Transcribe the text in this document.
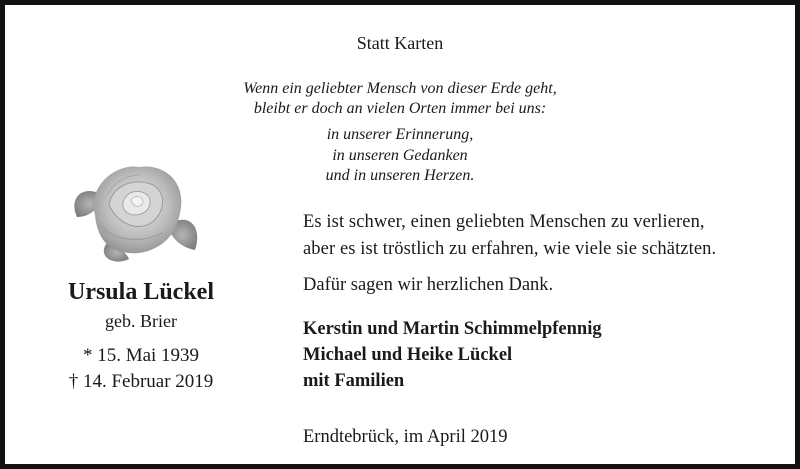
Statt Karten
Wenn ein geliebter Mensch von dieser Erde geht,
bleibt er doch an vielen Orten immer bei uns:
in unserer Erinnerung,
in unseren Gedanken
und in unseren Herzen.
Ursula Lückel
geb. Brier
* 15. Mai 1939
† 14. Februar 2019
Es ist schwer, einen geliebten Menschen zu verlieren,
aber es ist tröstlich zu erfahren, wie viele sie schätzten.
Dafür sagen wir herzlichen Dank.
Kerstin und Martin Schimmelpfennig
Michael und Heike Lückel
mit Familien
Erndtebrück, im April 2019
